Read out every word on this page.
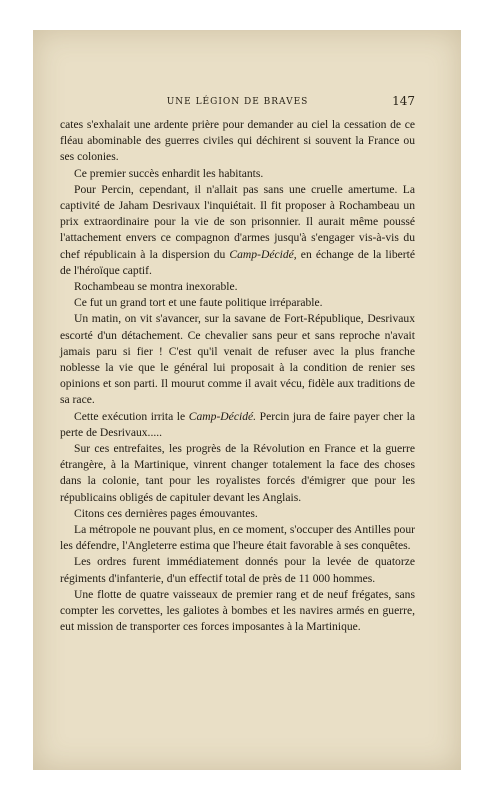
UNE LÉGION DE BRAVES	147

cates s'exhalait une ardente prière pour demander au ciel la cessation de ce fléau abominable des guerres civiles qui déchirent si souvent la France ou ses colonies.

Ce premier succès enhardit les habitants.

Pour Percin, cependant, il n'allait pas sans une cruelle amertume. La captivité de Jaham Desrivaux l'inquiétait. Il fit proposer à Rochambeau un prix extraordinaire pour la vie de son prisonnier. Il aurait même poussé l'attachement envers ce compagnon d'armes jusqu'à s'engager vis-à-vis du chef républicain à la dispersion du Camp-Décidé, en échange de la liberté de l'héroïque captif.

Rochambeau se montra inexorable.

Ce fut un grand tort et une faute politique irréparable.

Un matin, on vit s'avancer, sur la savane de Fort-République, Desrivaux escorté d'un détachement. Ce chevalier sans peur et sans reproche n'avait jamais paru si fier ! C'est qu'il venait de refuser avec la plus franche noblesse la vie que le général lui proposait à la condition de renier ses opinions et son parti. Il mourut comme il avait vécu, fidèle aux traditions de sa race.

Cette exécution irrita le Camp-Décidé. Percin jura de faire payer cher la perte de Desrivaux.....

Sur ces entrefaites, les progrès de la Révolution en France et la guerre étrangère, à la Martinique, vinrent changer totalement la face des choses dans la colonie, tant pour les royalistes forcés d'émigrer que pour les républicains obligés de capituler devant les Anglais.

Citons ces dernières pages émouvantes.

La métropole ne pouvant plus, en ce moment, s'occuper des Antilles pour les défendre, l'Angleterre estima que l'heure était favorable à ses conquêtes.

Les ordres furent immédiatement donnés pour la levée de quatorze régiments d'infanterie, d'un effectif total de près de 11 000 hommes.

Une flotte de quatre vaisseaux de premier rang et de neuf frégates, sans compter les corvettes, les galiotes à bombes et les navires armés en guerre, eut mission de transporter ces forces imposantes à la Martinique.
